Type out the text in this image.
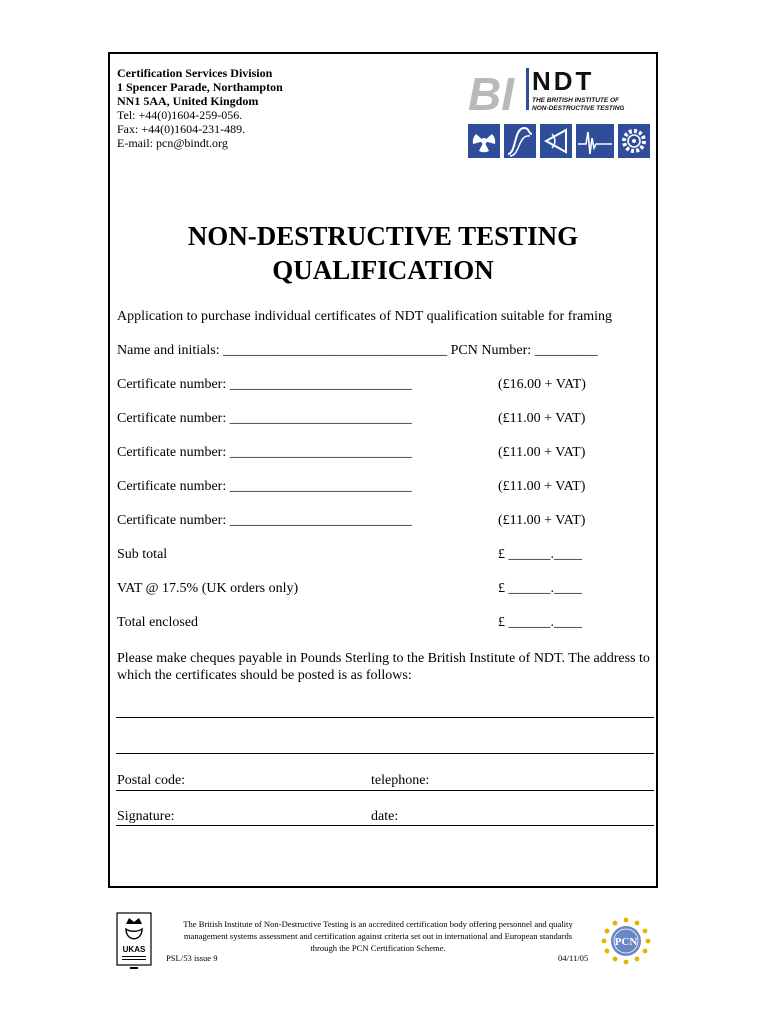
Certification Services Division
1 Spencer Parade, Northampton
NN1 5AA, United Kingdom
Tel: +44(0)1604-259-056.
Fax: +44(0)1604-231-489.
E-mail: pcn@bindt.org
BI NDT
THE BRITISH INSTITUTE OF
NON-DESTRUCTIVE TESTING
NON-DESTRUCTIVE TESTING
QUALIFICATION
Application to purchase individual certificates of NDT qualification suitable for framing
Name and initials: ________________________________ PCN Number: _________
Certificate number: __________________________	(£16.00 + VAT)
Certificate number: __________________________	(£11.00 + VAT)
Certificate number: __________________________	(£11.00 + VAT)
Certificate number: __________________________	(£11.00 + VAT)
Certificate number: __________________________	(£11.00 + VAT)
Sub total	£ ______.____
VAT @ 17.5% (UK orders only)	£ ______.____
Total enclosed	£ ______.____
Please make cheques payable in Pounds Sterling to the British Institute of NDT. The address to which the certificates should be posted is as follows:
Postal code:	telephone:
Signature:	date:
UKAS
The British Institute of Non-Destructive Testing is an accredited certification body offering personnel and quality
management systems assessment and certification against criteria set out in international and European standards
through the PCN Certification Scheme.
PSL/53 issue 9	04/11/05
PCN
